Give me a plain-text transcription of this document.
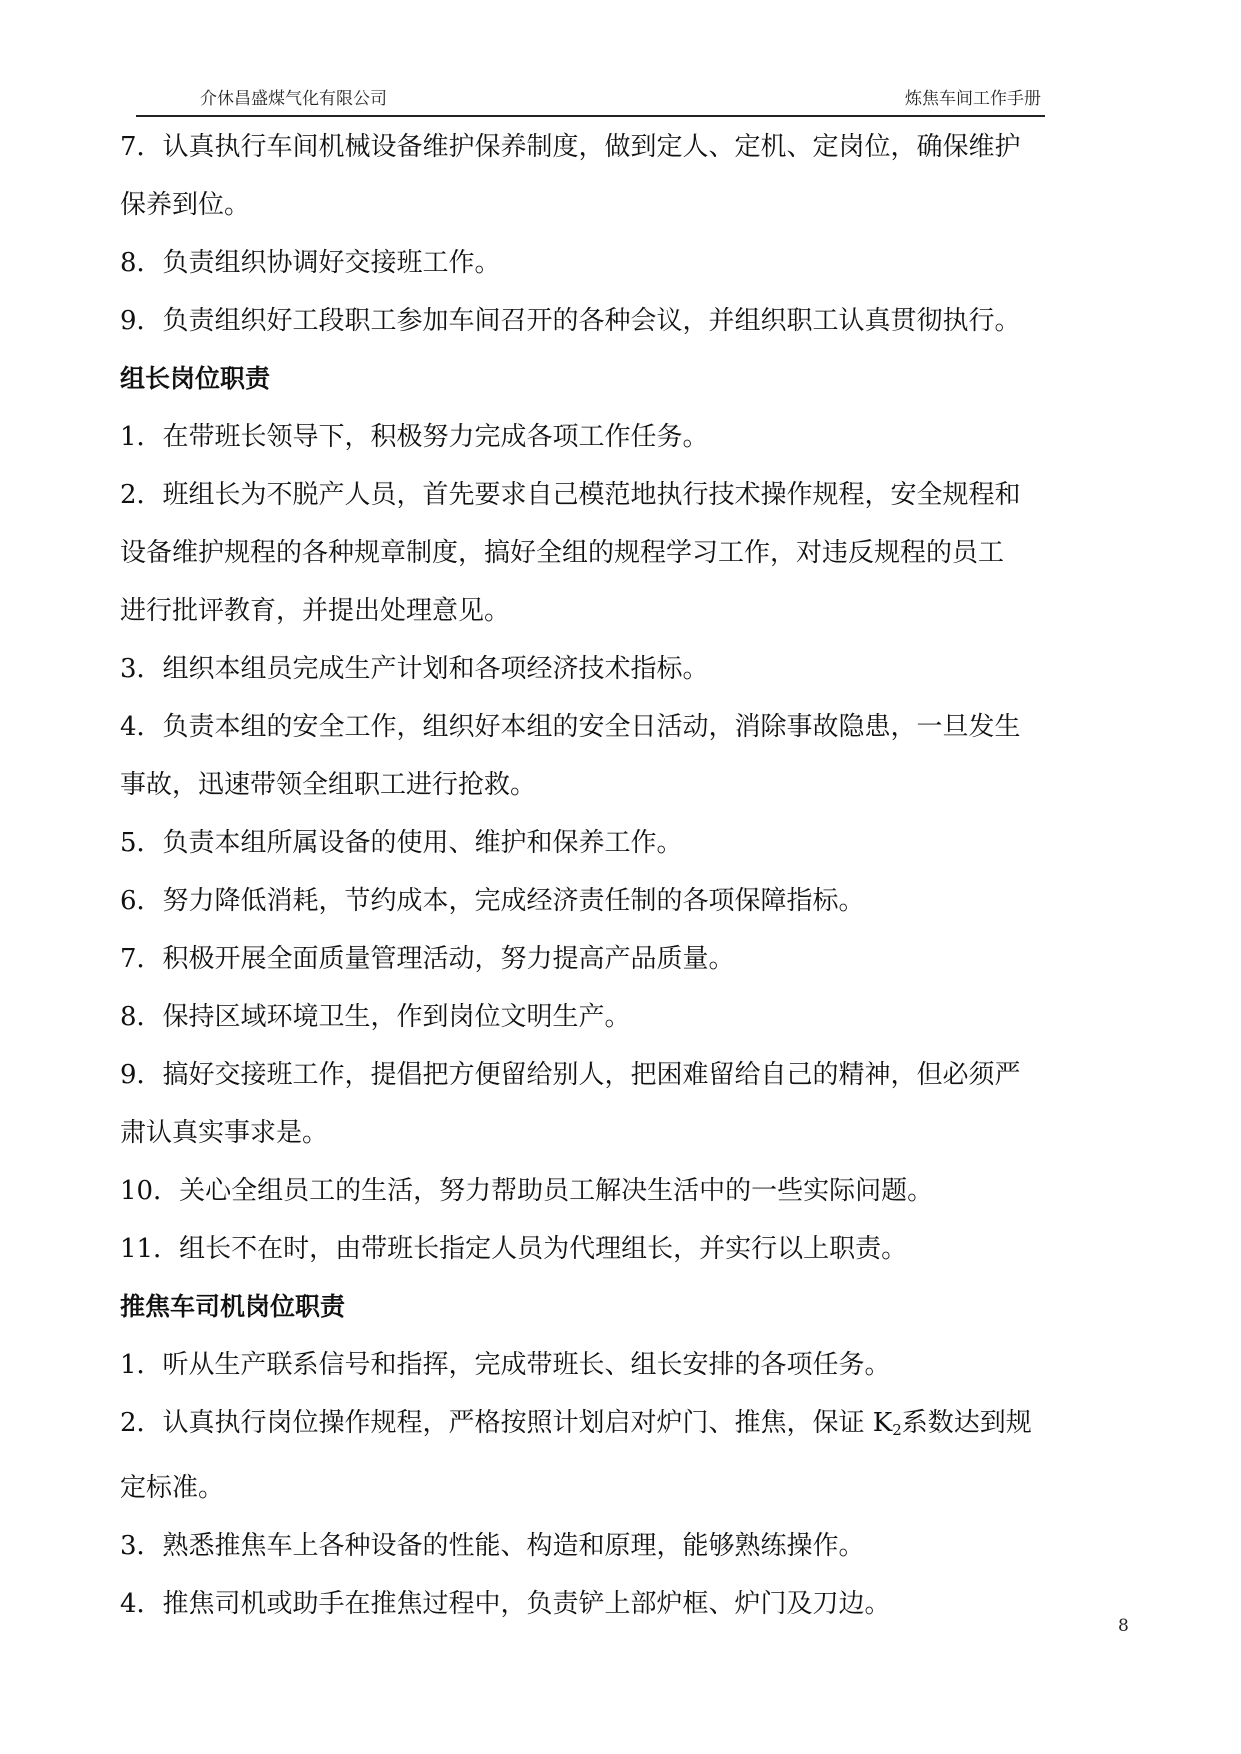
介休昌盛煤气化有限公司	炼焦车间工作手册

7．认真执行车间机械设备维护保养制度，做到定人、定机、定岗位，确保维护

保养到位。

8．负责组织协调好交接班工作。

9．负责组织好工段职工参加车间召开的各种会议，并组织职工认真贯彻执行。

组长岗位职责

1．在带班长领导下，积极努力完成各项工作任务。

2．班组长为不脱产人员，首先要求自己模范地执行技术操作规程，安全规程和

设备维护规程的各种规章制度，搞好全组的规程学习工作，对违反规程的员工

进行批评教育，并提出处理意见。

3．组织本组员完成生产计划和各项经济技术指标。

4．负责本组的安全工作，组织好本组的安全日活动，消除事故隐患，一旦发生

事故，迅速带领全组职工进行抢救。

5．负责本组所属设备的使用、维护和保养工作。

6．努力降低消耗，节约成本，完成经济责任制的各项保障指标。

7．积极开展全面质量管理活动，努力提高产品质量。

8．保持区域环境卫生，作到岗位文明生产。

9．搞好交接班工作，提倡把方便留给别人，把困难留给自己的精神，但必须严

肃认真实事求是。

10．关心全组员工的生活，努力帮助员工解决生活中的一些实际问题。

11．组长不在时，由带班长指定人员为代理组长，并实行以上职责。

推焦车司机岗位职责

1．听从生产联系信号和指挥，完成带班长、组长安排的各项任务。

2．认真执行岗位操作规程，严格按照计划启对炉门、推焦，保证 $K_2$系数达到规

定标准。

3．熟悉推焦车上各种设备的性能、构造和原理，能够熟练操作。

4．推焦司机或助手在推焦过程中，负责铲上部炉框、炉门及刀边。

8
